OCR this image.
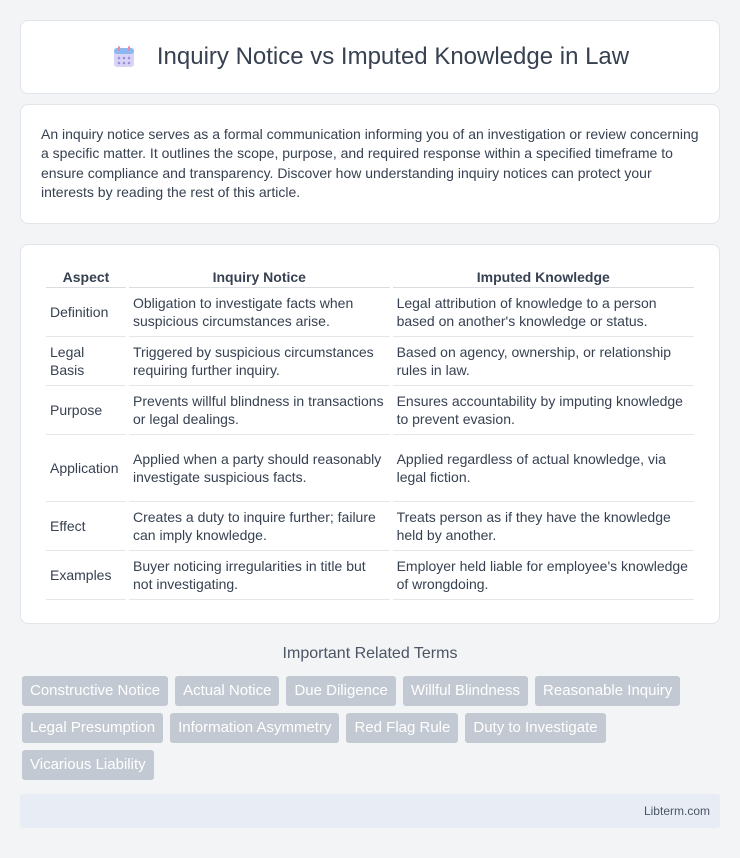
Inquiry Notice vs Imputed Knowledge in Law

An inquiry notice serves as a formal communication informing you of an investigation or review concerning a specific matter. It outlines the scope, purpose, and required response within a specified timeframe to ensure compliance and transparency. Discover how understanding inquiry notices can protect your interests by reading the rest of this article.

Aspect	Inquiry Notice	Imputed Knowledge
Definition	Obligation to investigate facts when suspicious circumstances arise.	Legal attribution of knowledge to a person based on another's knowledge or status.
Legal Basis	Triggered by suspicious circumstances requiring further inquiry.	Based on agency, ownership, or relationship rules in law.
Purpose	Prevents willful blindness in transactions or legal dealings.	Ensures accountability by imputing knowledge to prevent evasion.
Application	Applied when a party should reasonably investigate suspicious facts.	Applied regardless of actual knowledge, via legal fiction.
Effect	Creates a duty to inquire further; failure can imply knowledge.	Treats person as if they have the knowledge held by another.
Examples	Buyer noticing irregularities in title but not investigating.	Employer held liable for employee's knowledge of wrongdoing.
Important Related Terms
Constructive Notice	Actual Notice	Due Diligence	Willful Blindness	Reasonable Inquiry
Legal Presumption	Information Asymmetry	Red Flag Rule	Duty to Investigate
Vicarious Liability
Libterm.com
